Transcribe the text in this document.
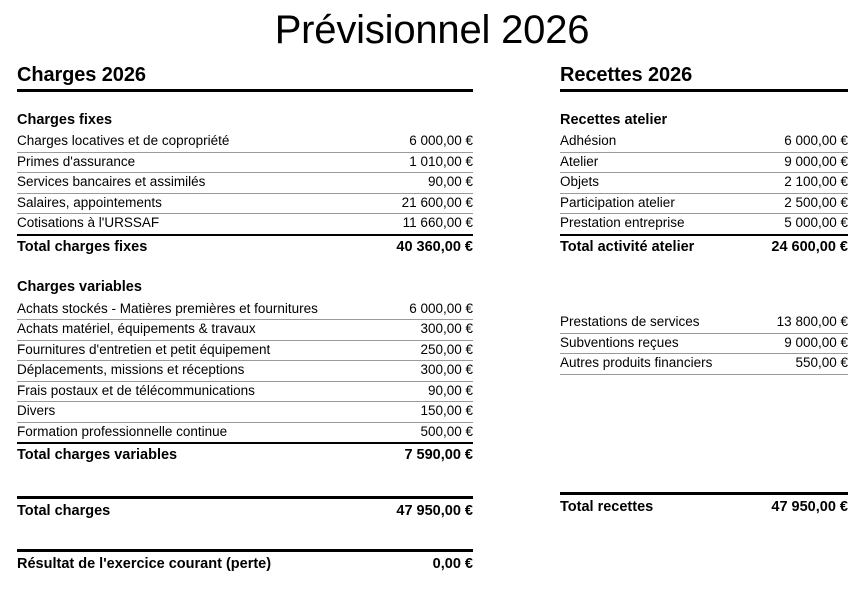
Prévisionnel 2026
Charges 2026
Charges fixes
Charges locatives et de copropriété	6 000,00 €
Primes d'assurance	1 010,00 €
Services bancaires et assimilés	90,00 €
Salaires, appointements	21 600,00 €
Cotisations à l'URSSAF	11 660,00 €
Total charges fixes	40 360,00 €
Charges variables
Achats stockés - Matières premières et fournitures	6 000,00 €
Achats matériel, équipements & travaux	300,00 €
Fournitures d'entretien et petit équipement	250,00 €
Déplacements, missions et réceptions	300,00 €
Frais postaux et de télécommunications	90,00 €
Divers	150,00 €
Formation professionnelle continue	500,00 €
Total charges variables	7 590,00 €
Total charges	47 950,00 €
Résultat de l'exercice courant (perte)	0,00 €
Recettes 2026
Recettes atelier
Adhésion	6 000,00 €
Atelier	9 000,00 €
Objets	2 100,00 €
Participation atelier	2 500,00 €
Prestation entreprise	5 000,00 €
Total activité atelier	24 600,00 €
Prestations de services	13 800,00 €
Subventions reçues	9 000,00 €
Autres produits financiers	550,00 €
Total recettes	47 950,00 €
